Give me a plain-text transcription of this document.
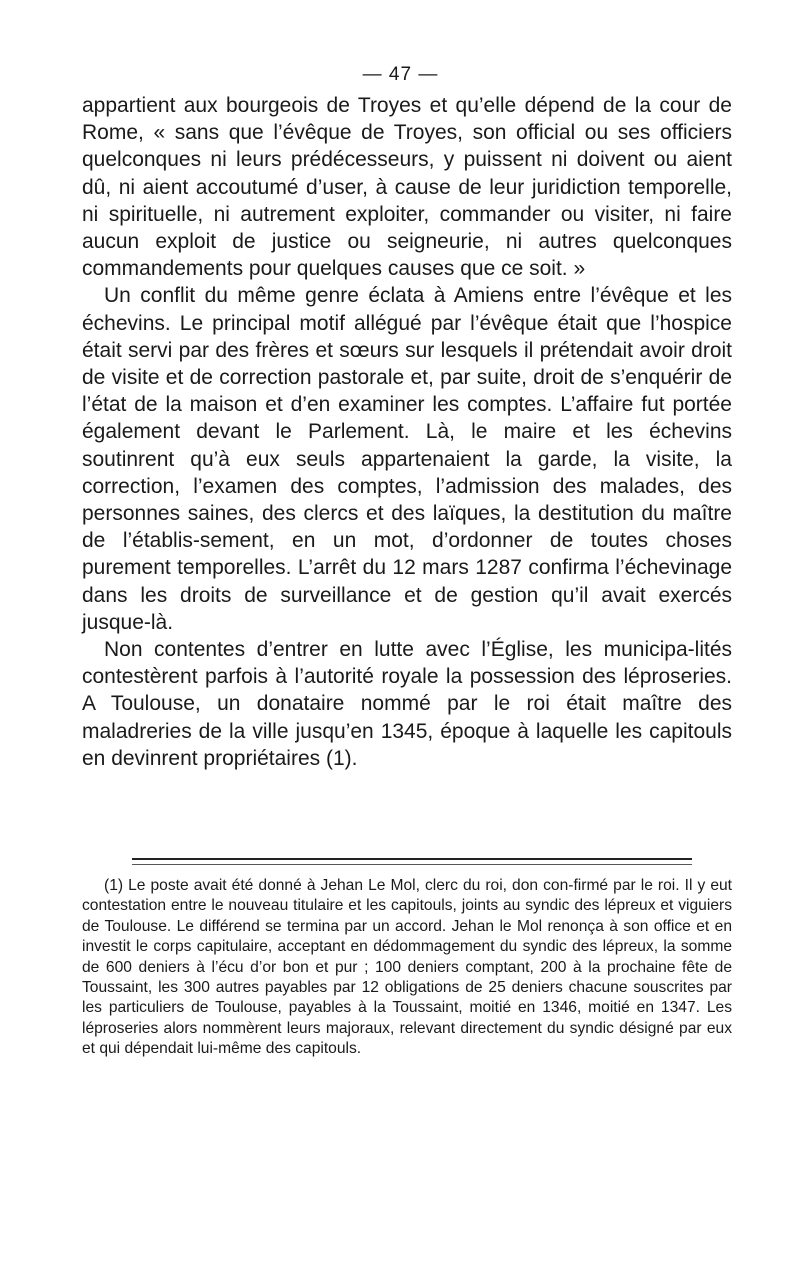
— 47 —

appartient aux bourgeois de Troyes et qu’elle dépend de la cour de Rome, « sans que l’évêque de Troyes, son official ou ses officiers quelconques ni leurs prédécesseurs, y puissent ni doivent ou aient dû, ni aient accoutumé d’user, à cause de leur juridiction temporelle, ni spirituelle, ni autrement exploiter, commander ou visiter, ni faire aucun exploit de justice ou seigneurie, ni autres quelconques commandements pour quelques causes que ce soit. »

Un conflit du même genre éclata à Amiens entre l’évêque et les échevins. Le principal motif allégué par l’évêque était que l’hospice était servi par des frères et sœurs sur lesquels il prétendait avoir droit de visite et de correction pastorale et, par suite, droit de s’enquérir de l’état de la maison et d’en examiner les comptes. L’affaire fut portée également devant le Parlement. Là, le maire et les échevins soutinrent qu’à eux seuls appartenaient la garde, la visite, la correction, l’examen des comptes, l’admission des malades, des personnes saines, des clercs et des laïques, la destitution du maître de l’établis-sement, en un mot, d’ordonner de toutes choses purement temporelles. L’arrêt du 12 mars 1287 confirma l’échevinage dans les droits de surveillance et de gestion qu’il avait exercés jusque-là.

Non contentes d’entrer en lutte avec l’Église, les municipa-lités contestèrent parfois à l’autorité royale la possession des léproseries. A Toulouse, un donataire nommé par le roi était maître des maladreries de la ville jusqu’en 1345, époque à laquelle les capitouls en devinrent propriétaires (1).

(1) Le poste avait été donné à Jehan Le Mol, clerc du roi, don con-firmé par le roi. Il y eut contestation entre le nouveau titulaire et les capitouls, joints au syndic des lépreux et viguiers de Toulouse. Le différend se termina par un accord. Jehan le Mol renonça à son office et en investit le corps capitulaire, acceptant en dédommagement du syndic des lépreux, la somme de 600 deniers à l’écu d’or bon et pur ; 100 deniers comptant, 200 à la prochaine fête de Toussaint, les 300 autres payables par 12 obligations de 25 deniers chacune souscrites par les particuliers de Toulouse, payables à la Toussaint, moitié en 1346, moitié en 1347. Les léproseries alors nommèrent leurs majoraux, relevant directement du syndic désigné par eux et qui dépendait lui-même des capitouls.
